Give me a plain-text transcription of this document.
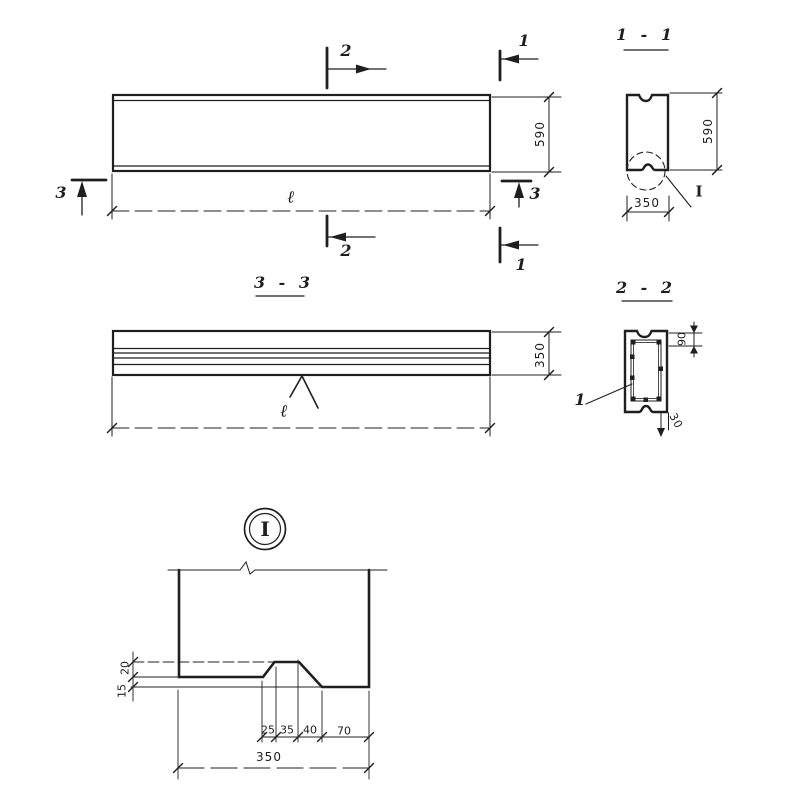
2
1
3	3
2
1
590
ℓ
3 - 3
350
ℓ
1 - 1
590
350
I
2 - 2
90
30
1
I
20
15
25 35 40 70
350
